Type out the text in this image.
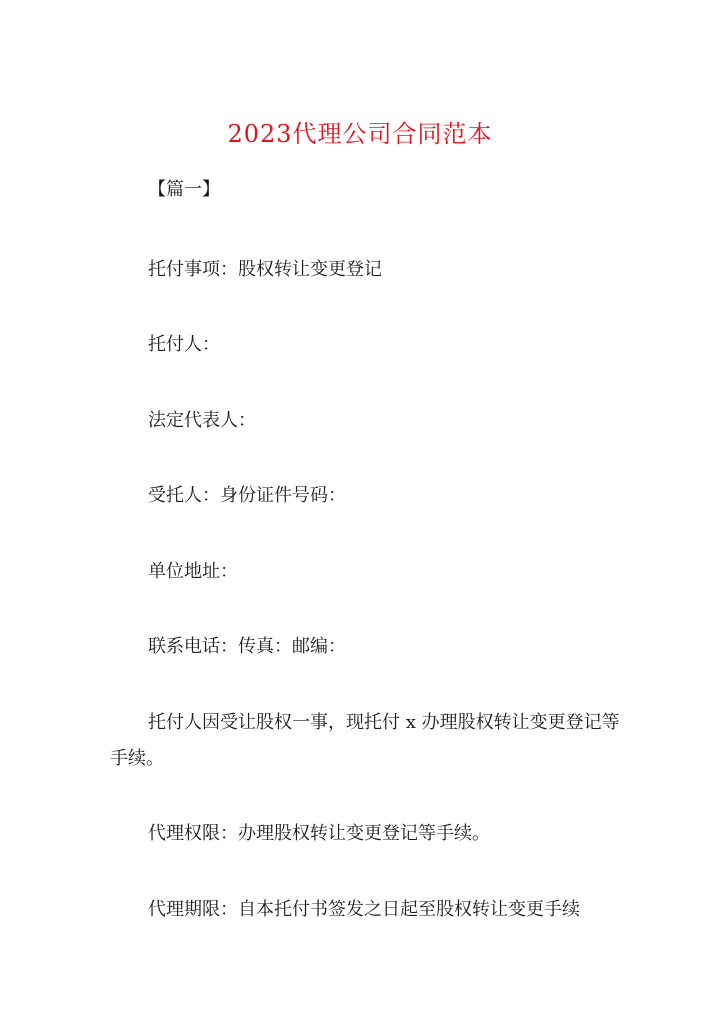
2023代理公司合同范本

【篇一】

托付事项：股权转让变更登记

托付人：

法定代表人：

受托人：身份证件号码：

单位地址：

联系电话：传真：邮编：

托付人因受让股权一事，现托付 x 办理股权转让变更登记等手续。

代理权限：办理股权转让变更登记等手续。

代理期限：自本托付书签发之日起至股权转让变更手续
